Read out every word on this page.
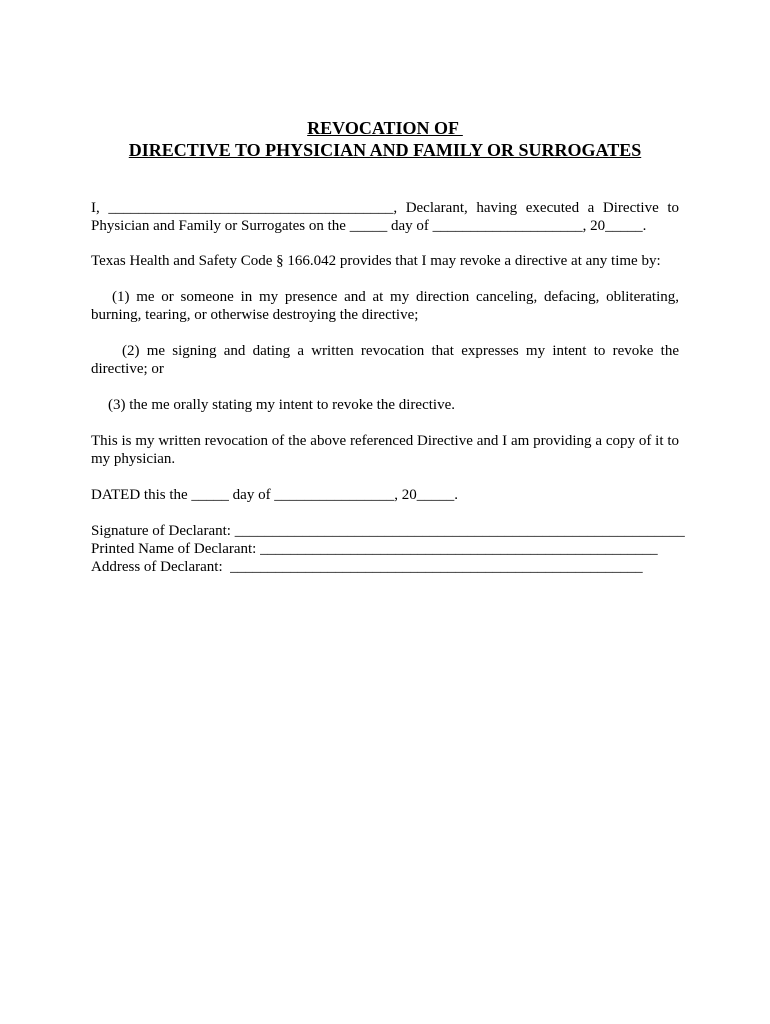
REVOCATION OF
DIRECTIVE TO PHYSICIAN AND FAMILY OR SURROGATES

I, ______________________________________, Declarant, having executed a Directive to Physician and Family or Surrogates on the _____ day of ____________________, 20_____.

Texas Health and Safety Code § 166.042 provides that I may revoke a directive at any time by:

(1) me or someone in my presence and at my direction canceling, defacing, obliterating, burning, tearing, or otherwise destroying the directive;

(2) me signing and dating a written revocation that expresses my intent to revoke the directive; or

(3) the me orally stating my intent to revoke the directive.

This is my written revocation of the above referenced Directive and I am providing a copy of it to my physician.

DATED this the _____ day of ________________, 20_____.

Signature of Declarant: ____________________________________________________________

Printed Name of Declarant: _____________________________________________________

Address of Declarant:  _______________________________________________________
